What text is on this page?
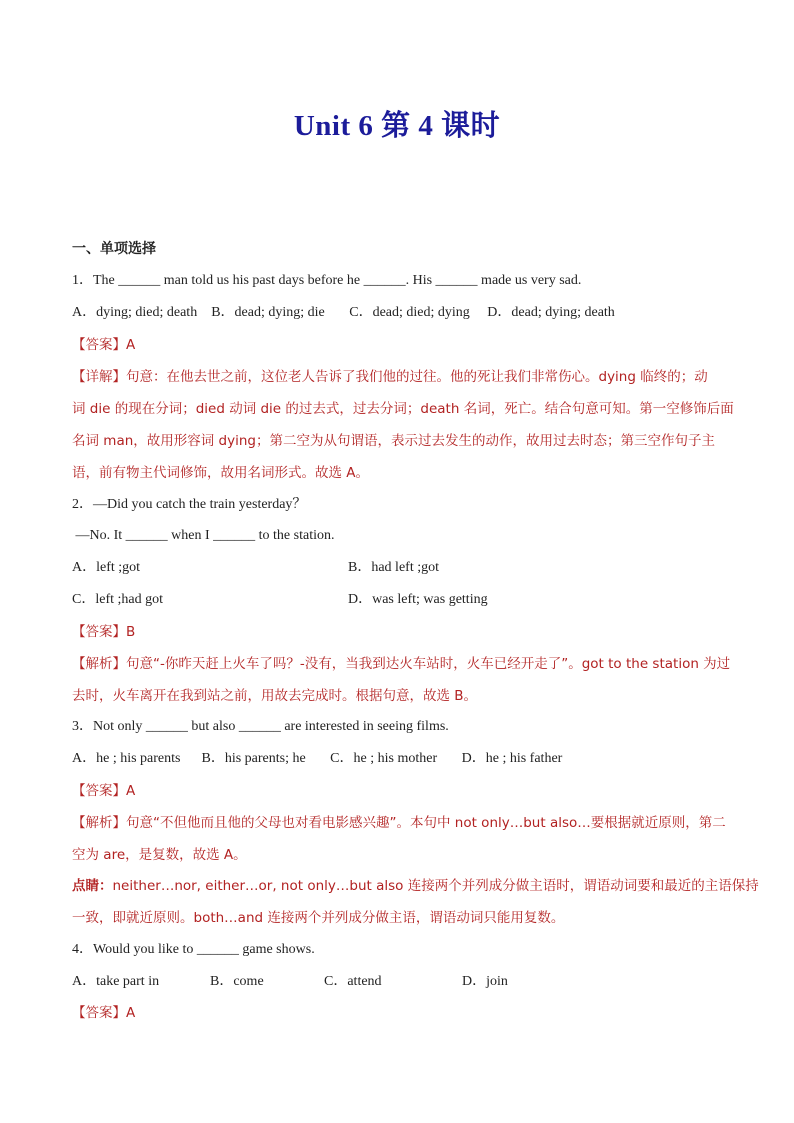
Unit 6 第 4 课时
一、单项选择
1．The ______ man told us his past days before he ______. His ______ made us very sad.
A．dying; died; death    B．dead; dying; die       C．dead; died; dying     D．dead; dying; death
【答案】A
【详解】句意：在他去世之前，这位老人告诉了我们他的过往。他的死让我们非常伤心。dying 临终的；动
词 die 的现在分词；died 动词 die 的过去式，过去分词；death 名词，死亡。结合句意可知。第一空修饰后面
名词 man，故用形容词 dying；第二空为从句谓语，表示过去发生的动作，故用过去时态；第三空作句子主
语，前有物主代词修饰，故用名词形式。故选 A。
2．—Did you catch the train yesterday？
—No. It ______ when I ______ to the station.
A．left ;got	B．had left ;got
C．left ;had got	D．was left; was getting
【答案】B
【解析】句意“-你昨天赶上火车了吗？-没有，当我到达火车站时，火车已经开走了”。got to the station 为过
去时，火车离开在我到站之前，用故去完成时。根据句意，故选 B。
3．Not only ______ but also ______ are interested in seeing films.
A．he ; his parents      B．his parents; he       C．he ; his mother       D．he ; his father
【答案】A
【解析】句意“不但他而且他的父母也对看电影感兴趣”。本句中 not only…but also…要根据就近原则，第二
空为 are，是复数，故选 A。
点睛：neither…nor, either…or, not only…but also 连接两个并列成分做主语时，谓语动词要和最近的主语保持
一致，即就近原则。both…and 连接两个并列成分做主语，谓语动词只能用复数。
4．Would you like to ______ game shows.
A．take part in	B．come	C．attend	D．join
【答案】A
